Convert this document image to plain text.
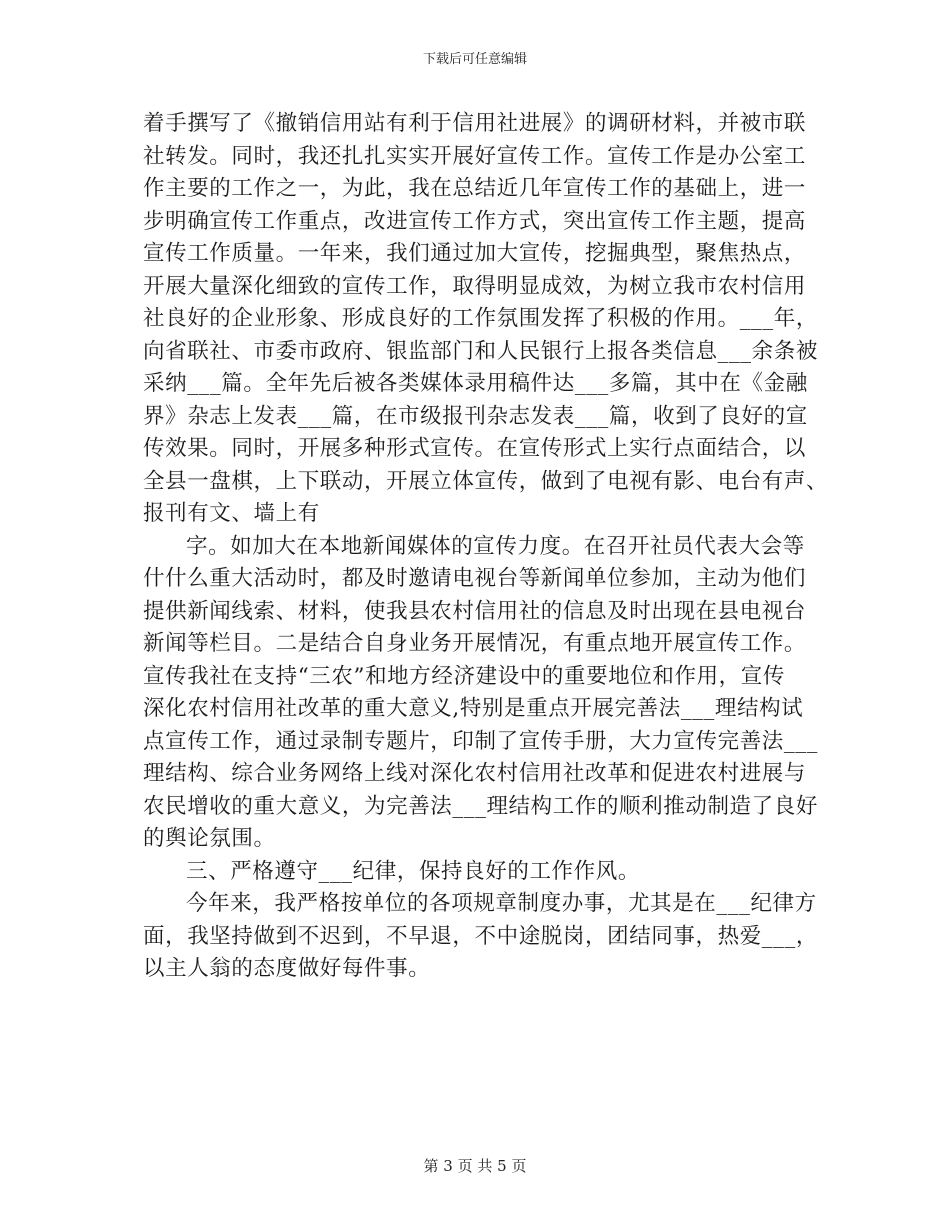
下载后可任意编辑
着手撰写了《撤销信用站有利于信用社进展》的调研材料，并被市联
社转发。同时，我还扎扎实实开展好宣传工作。宣传工作是办公室工
作主要的工作之一，为此，我在总结近几年宣传工作的基础上，进一
步明确宣传工作重点，改进宣传工作方式，突出宣传工作主题，提高
宣传工作质量。一年来，我们通过加大宣传，挖掘典型，聚焦热点，
开展大量深化细致的宣传工作，取得明显成效，为树立我市农村信用
社良好的企业形象、形成良好的工作氛围发挥了积极的作用。___年，
向省联社、市委市政府、银监部门和人民银行上报各类信息___余条被
采纳___篇。全年先后被各类媒体录用稿件达___多篇，其中在《金融
界》杂志上发表___篇，在市级报刊杂志发表___篇，收到了良好的宣
传效果。同时，开展多种形式宣传。在宣传形式上实行点面结合，以
全县一盘棋，上下联动，开展立体宣传，做到了电视有影、电台有声、
报刊有文、墙上有
字。如加大在本地新闻媒体的宣传力度。在召开社员代表大会等
什什么重大活动时，都及时邀请电视台等新闻单位参加，主动为他们
提供新闻线索、材料，使我县农村信用社的信息及时出现在县电视台
新闻等栏目。二是结合自身业务开展情况，有重点地开展宣传工作。
宣传我社在支持“三农”和地方经济建设中的重要地位和作用，宣传
深化农村信用社改革的重大意义,特别是重点开展完善法___理结构试
点宣传工作，通过录制专题片，印制了宣传手册，大力宣传完善法___
理结构、综合业务网络上线对深化农村信用社改革和促进农村进展与
农民增收的重大意义，为完善法___理结构工作的顺利推动制造了良好
的舆论氛围。
三、严格遵守___纪律，保持良好的工作作风。
今年来，我严格按单位的各项规章制度办事，尤其是在___纪律方
面，我坚持做到不迟到，不早退，不中途脱岗，团结同事，热爱___，
以主人翁的态度做好每件事。
第 3 页 共 5 页
